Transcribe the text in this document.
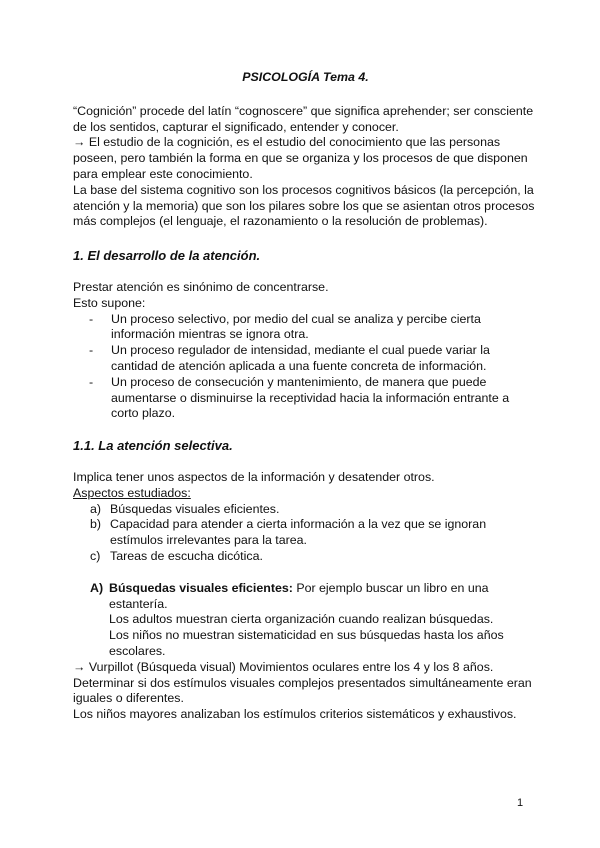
PSICOLOGÍA Tema 4.

“Cognición” procede del latín “cognoscere” que significa aprehender; ser consciente de los sentidos, capturar el significado, entender y conocer.

→ El estudio de la cognición, es el estudio del conocimiento que las personas poseen, pero también la forma en que se organiza y los procesos de que disponen para emplear este conocimiento.

La base del sistema cognitivo son los procesos cognitivos básicos (la percepción, la atención y la memoria) que son los pilares sobre los que se asientan otros procesos más complejos (el lenguaje, el razonamiento o la resolución de problemas).

1. El desarrollo de la atención.

Prestar atención es sinónimo de concentrarse.

Esto supone:

- Un proceso selectivo, por medio del cual se analiza y percibe cierta información mientras se ignora otra.
- Un proceso regulador de intensidad, mediante el cual puede variar la cantidad de atención aplicada a una fuente concreta de información.
- Un proceso de consecución y mantenimiento, de manera que puede aumentarse o disminuirse la receptividad hacia la información entrante a corto plazo.

1.1. La atención selectiva.

Implica tener unos aspectos de la información y desatender otros.

Aspectos estudiados:

a) Búsquedas visuales eficientes.
b) Capacidad para atender a cierta información a la vez que se ignoran estímulos irrelevantes para la tarea.
c) Tareas de escucha dicótica.
A) Búsquedas visuales eficientes: Por ejemplo buscar un libro en una estantería.

Los adultos muestran cierta organización cuando realizan búsquedas.

Los niños no muestran sistematicidad en sus búsquedas hasta los años escolares.

→ Vurpillot (Búsqueda visual) Movimientos oculares entre los 4 y los 8 años.

Determinar si dos estímulos visuales complejos presentados simultáneamente eran iguales o diferentes.

Los niños mayores analizaban los estímulos criterios sistemáticos y exhaustivos.

1
